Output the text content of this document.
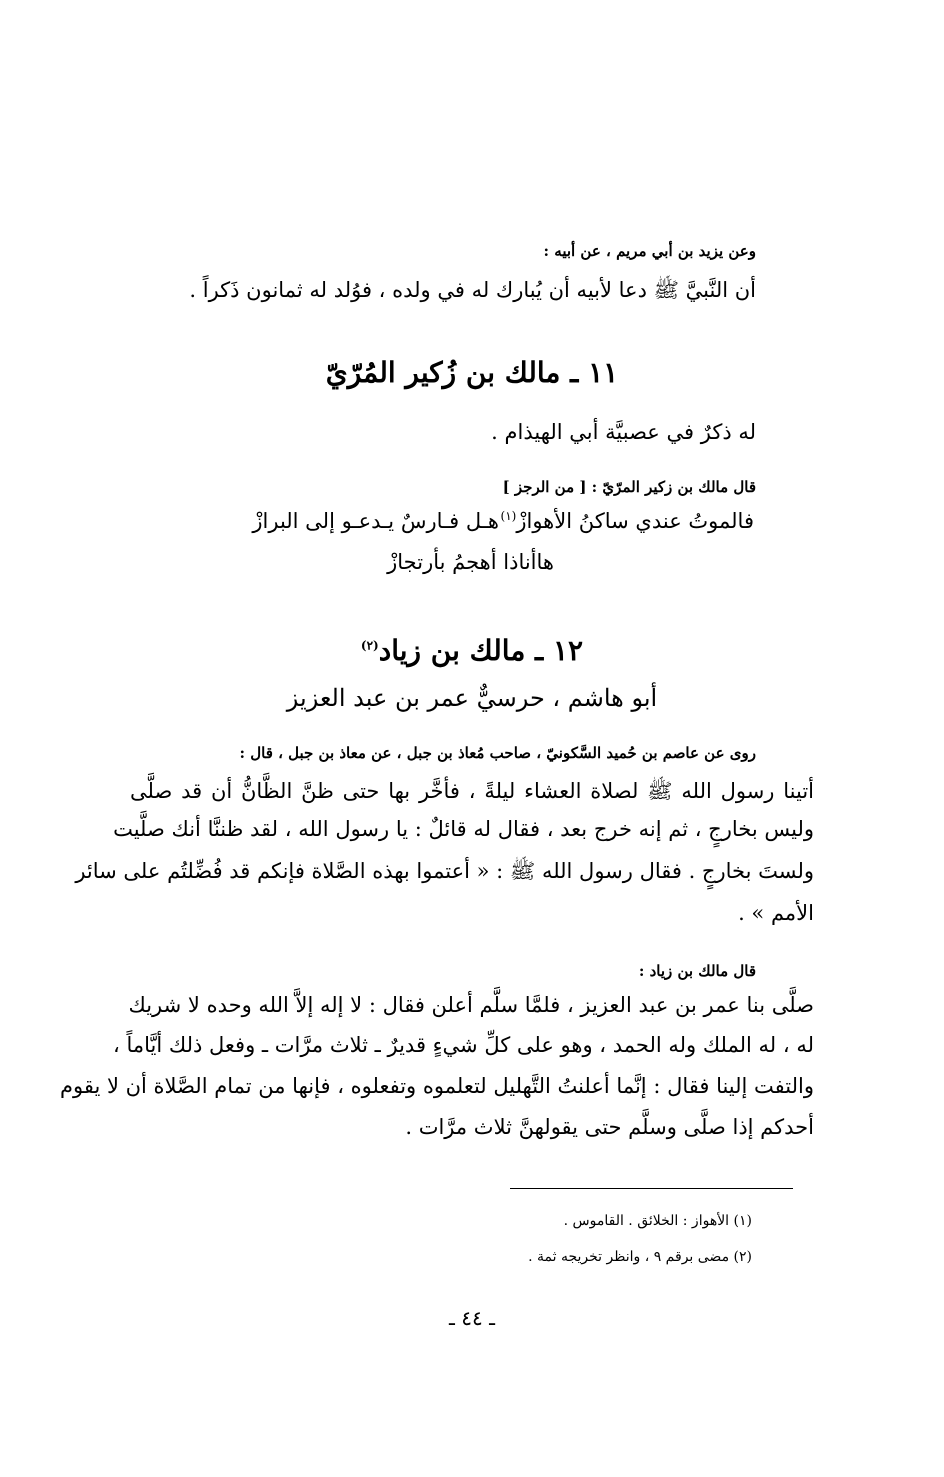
وعن يزيد بن أبي مريم ، عن أبيه :
أن النَّبيَّ ﷺ دعا لأبيه أن يُبارك له في ولده ، فوُلد له ثمانون ذَكراً .
١١ ـ مالك بن زُكير المُرّيّ
له ذكرٌ في عصبيَّة أبي الهيذام .
قال مالك بن زكير المرّيّ : [ من الرجز ]
فالموتُ عندي ساكنُ الأهوازْ$^{(١)}$
هـل فـارسٌ يـدعـو إلى البرازْ
هاأناذا أهجمُ بأرتجازْ
١٢ ـ مالك بن زياد$^{(٢)}$
أبو هاشم ، حرسيٌّ عمر بن عبد العزيز
روى عن عاصم بن حُميد السَّكونيّ ، صاحب مُعاذ بن جبل ، عن معاذ بن جبل ، قال :
أتينا رسول الله ﷺ لصلاة العشاء ليلةً ، فأخَّر بها حتى ظنَّ الظَّانُّ أن قد صلَّى
وليس بخارجٍ ، ثم إنه خرج بعد ، فقال له قائلٌ : يا رسول الله ، لقد ظننَّا أنك صلَّيت
ولستَ بخارجٍ . فقال رسول الله ﷺ : « أعتموا بهذه الصَّلاة فإنكم قد فُضِّلتُم على سائر
الأمم » .
قال مالك بن زياد :
صلَّى بنا عمر بن عبد العزيز ، فلمَّا سلَّم أعلن فقال : لا إله إلاَّ الله وحده لا شريك
له ، له الملك وله الحمد ، وهو على كلِّ شيءٍ قديرٌ ـ ثلاث مرَّات ـ وفعل ذلك أيَّاماً ،
والتفت إلينا فقال : إنَّما أعلنتُ التَّهليل لتعلموه وتفعلوه ، فإنها من تمام الصَّلاة أن لا يقوم
أحدكم إذا صلَّى وسلَّم حتى يقولهنَّ ثلاث مرَّات .
(١) الأهواز : الخلائق . القاموس .
(٢) مضى برقم ٩ ، وانظر تخريجه ثمة .
ـ ٤٤ ـ
